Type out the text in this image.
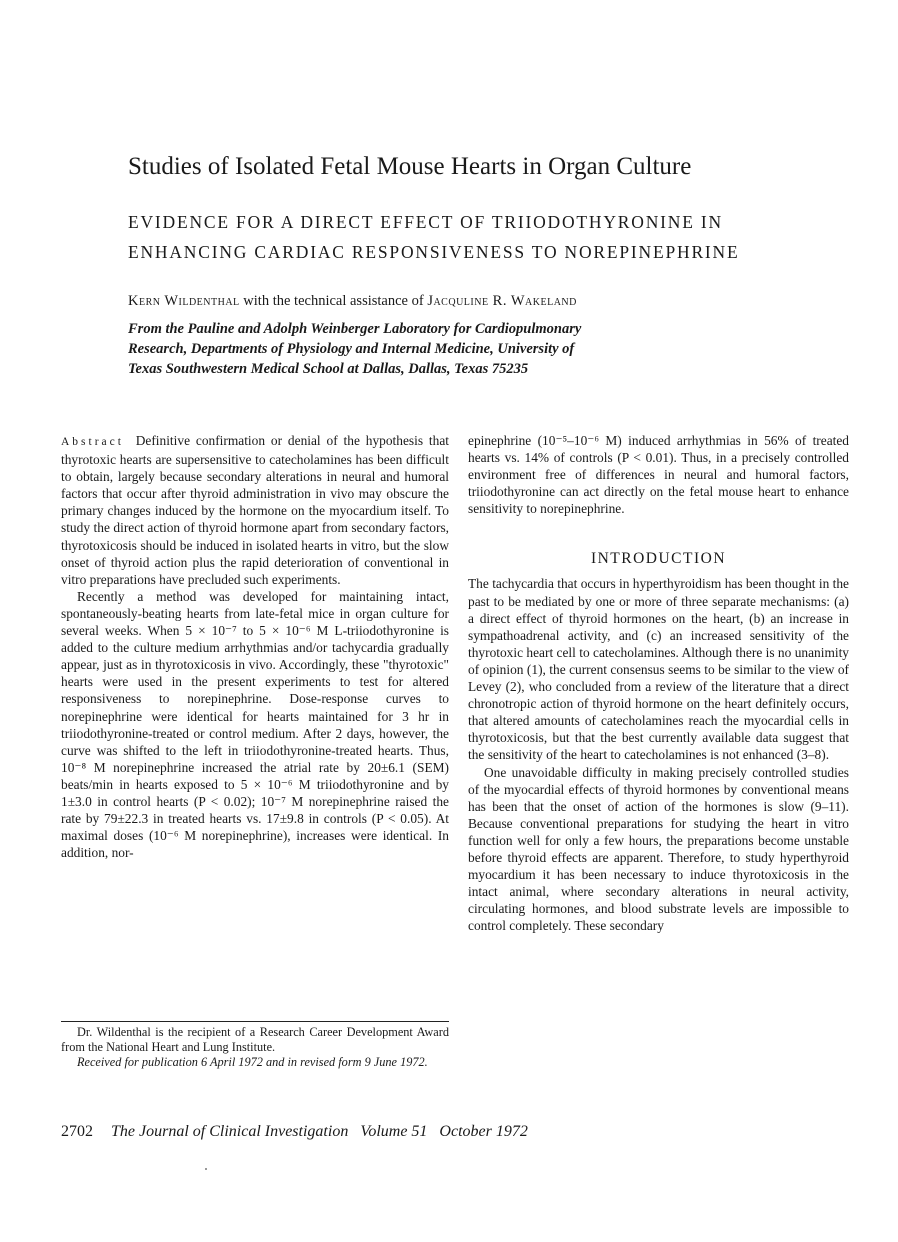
Studies of Isolated Fetal Mouse Hearts in Organ Culture
EVIDENCE FOR A DIRECT EFFECT OF TRIIODOTHYRONINE IN
ENHANCING CARDIAC RESPONSIVENESS TO NOREPINEPHRINE
Kern Wildenthal with the technical assistance of Jacquline R. Wakeland
From the Pauline and Adolph Weinberger Laboratory for Cardiopulmonary
Research, Departments of Physiology and Internal Medicine, University of
Texas Southwestern Medical School at Dallas, Dallas, Texas 75235

Abstract Definitive confirmation or denial of the hypothesis that thyrotoxic hearts are supersensitive to catecholamines has been difficult to obtain, largely because secondary alterations in neural and humoral factors that occur after thyroid administration in vivo may obscure the primary changes induced by the hormone on the myocardium itself. To study the direct action of thyroid hormone apart from secondary factors, thyrotoxicosis should be induced in isolated hearts in vitro, but the slow onset of thyroid action plus the rapid deterioration of conventional in vitro preparations have precluded such experiments.

Recently a method was developed for maintaining intact, spontaneously-beating hearts from late-fetal mice in organ culture for several weeks. When 5 × 10⁻⁷ to 5 × 10⁻⁶ M L-triiodothyronine is added to the culture medium arrhythmias and/or tachycardia gradually appear, just as in thyrotoxicosis in vivo. Accordingly, these "thyrotoxic" hearts were used in the present experiments to test for altered responsiveness to norepinephrine. Dose-response curves to norepinephrine were identical for hearts maintained for 3 hr in triiodothyronine-treated or control medium. After 2 days, however, the curve was shifted to the left in triiodothyronine-treated hearts. Thus, 10⁻⁸ M norepinephrine increased the atrial rate by 20±6.1 (SEM) beats/min in hearts exposed to 5 × 10⁻⁶ M triiodothyronine and by 1±3.0 in control hearts (P < 0.02); 10⁻⁷ M norepinephrine raised the rate by 79±22.3 in treated hearts vs. 17±9.8 in controls (P < 0.05). At maximal doses (10⁻⁶ M norepinephrine), increases were identical. In addition, nor-

epinephrine (10⁻⁵–10⁻⁶ M) induced arrhythmias in 56% of treated hearts vs. 14% of controls (P < 0.01). Thus, in a precisely controlled environment free of differences in neural and humoral factors, triiodothyronine can act directly on the fetal mouse heart to enhance sensitivity to norepinephrine.

INTRODUCTION

The tachycardia that occurs in hyperthyroidism has been thought in the past to be mediated by one or more of three separate mechanisms: (a) a direct effect of thyroid hormones on the heart, (b) an increase in sympathoadrenal activity, and (c) an increased sensitivity of the thyrotoxic heart cell to catecholamines. Although there is no unanimity of opinion (1), the current consensus seems to be similar to the view of Levey (2), who concluded from a review of the literature that a direct chronotropic action of thyroid hormone on the heart definitely occurs, that altered amounts of catecholamines reach the myocardial cells in thyrotoxicosis, but that the best currently available data suggest that the sensitivity of the heart to catecholamines is not enhanced (3–8).

One unavoidable difficulty in making precisely controlled studies of the myocardial effects of thyroid hormones by conventional means has been that the onset of action of the hormones is slow (9–11). Because conventional preparations for studying the heart in vitro function well for only a few hours, the preparations become unstable before thyroid effects are apparent. Therefore, to study hyperthyroid myocardium it has been necessary to induce thyrotoxicosis in the intact animal, where secondary alterations in neural activity, circulating hormones, and blood substrate levels are impossible to control completely. These secondary

Dr. Wildenthal is the recipient of a Research Career Development Award from the National Heart and Lung Institute.

Received for publication 6 April 1972 and in revised form 9 June 1972.

2702 The Journal of Clinical Investigation   Volume 51   October 1972
